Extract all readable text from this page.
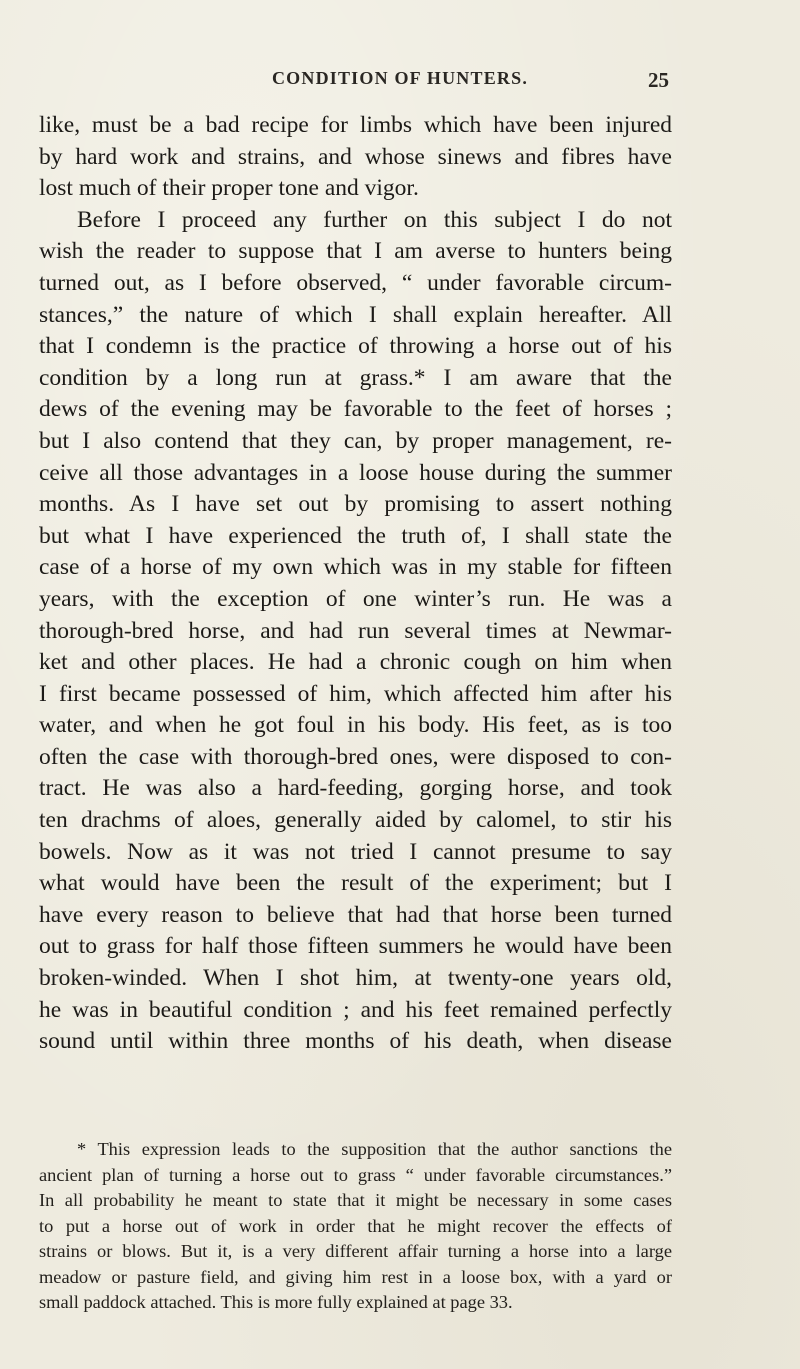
CONDITION OF HUNTERS.	25
like, must be a bad recipe for limbs which have been injured
by hard work and strains, and whose sinews and fibres have
lost much of their proper tone and vigor.
Before I proceed any further on this subject I do not
wish the reader to suppose that I am averse to hunters being
turned out, as I before observed, “ under favorable circum-
stances,” the nature of which I shall explain hereafter. All
that I condemn is the practice of throwing a horse out of his
condition by a long run at grass.* I am aware that the
dews of the evening may be favorable to the feet of horses ;
but I also contend that they can, by proper management, re-
ceive all those advantages in a loose house during the summer
months. As I have set out by promising to assert nothing
but what I have experienced the truth of, I shall state the
case of a horse of my own which was in my stable for fifteen
years, with the exception of one winter’s run. He was a
thorough-bred horse, and had run several times at Newmar-
ket and other places. He had a chronic cough on him when
I first became possessed of him, which affected him after his
water, and when he got foul in his body. His feet, as is too
often the case with thorough-bred ones, were disposed to con-
tract. He was also a hard-feeding, gorging horse, and took
ten drachms of aloes, generally aided by calomel, to stir his
bowels. Now as it was not tried I cannot presume to say
what would have been the result of the experiment; but I
have every reason to believe that had that horse been turned
out to grass for half those fifteen summers he would have been
broken-winded. When I shot him, at twenty-one years old,
he was in beautiful condition ; and his feet remained perfectly
sound until within three months of his death, when disease
* This expression leads to the supposition that the author sanctions the
ancient plan of turning a horse out to grass “ under favorable circumstances.”
In all probability he meant to state that it might be necessary in some cases
to put a horse out of work in order that he might recover the effects of
strains or blows. But it, is a very different affair turning a horse into a large
meadow or pasture field, and giving him rest in a loose box, with a yard or
small paddock attached. This is more fully explained at page 33.
